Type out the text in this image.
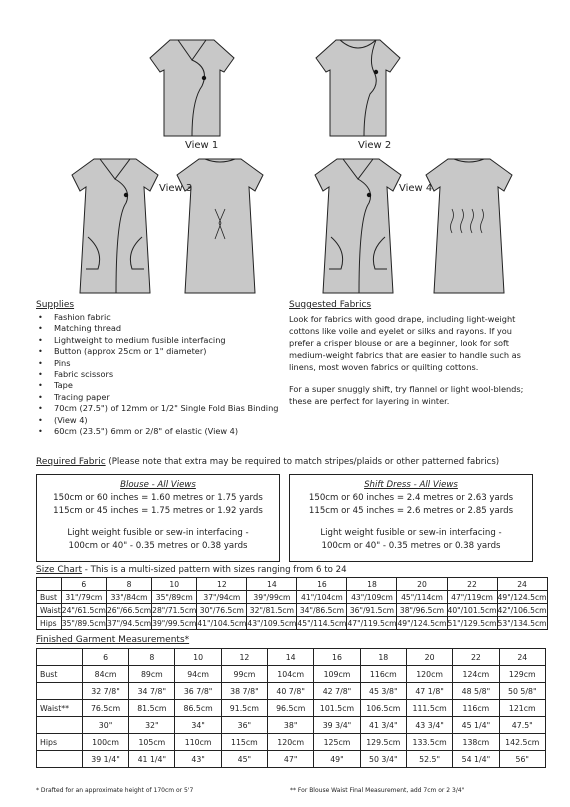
View 1	View 2
View 3	View 4
Supplies
• Fashion fabric
• Matching thread
• Lightweight to medium fusible interfacing
• Button (approx 25cm or 1" diameter)
• Pins
• Fabric scissors
• Tape
• Tracing paper
• 70cm (27.5") of 12mm or 1/2" Single Fold Bias Binding
• (View 4)
• 60cm (23.5") 6mm or 2/8" of elastic (View 4)
Suggested Fabrics

Look for fabrics with good drape, including light-weight cottons like voile and eyelet or silks and rayons. If you prefer a crisper blouse or are a beginner, look for soft medium-weight fabrics that are easier to handle such as linens, most woven fabrics or quilting cottons.

For a super snuggly shift, try flannel or light wool-blends; these are perfect for layering in winter.

Required Fabric (Please note that extra may be required to match stripes/plaids or other patterned fabrics)
Blouse - All Views
150cm or 60 inches = 1.60 metres or 1.75 yards
115cm or 45 inches = 1.75 metres or 1.92 yards
Light weight fusible or sew-in interfacing -
100cm or 40" - 0.35 metres or 0.38 yards
Shift Dress - All Views
150cm or 60 inches = 2.4 metres or 2.63 yards
115cm or 45 inches = 2.6 metres or 2.85 yards
Light weight fusible or sew-in interfacing -
100cm or 40" - 0.35 metres or 0.38 yards
Size Chart - This is a multi-sized pattern with sizes ranging from 6 to 24
	6	8	10	12	14	16	18	20	22	24
Bust	31"/79cm	33"/84cm	35"/89cm	37"/94cm	39"/99cm	41"/104cm	43"/109cm	45"/114cm	47"/119cm	49"/124.5cm
Waist	24"/61.5cm	26"/66.5cm	28"/71.5cm	30"/76.5cm	32"/81.5cm	34"/86.5cm	36"/91.5cm	38"/96.5cm	40"/101.5cm	42"/106.5cm
Hips	35"/89.5cm	37"/94.5cm	39"/99.5cm	41"/104.5cm	43"/109.5cm	45"/114.5cm	47"/119.5cm	49"/124.5cm	51"/129.5cm	53"/134.5cm
Finished Garment Measurements*
	6	8	10	12	14	16	18	20	22	24
Bust	84cm	89cm	94cm	99cm	104cm	109cm	116cm	120cm	124cm	129cm
	32 7/8"	34 7/8"	36 7/8"	38 7/8"	40 7/8"	42 7/8"	45 3/8"	47 1/8"	48 5/8"	50 5/8"
Waist**	76.5cm	81.5cm	86.5cm	91.5cm	96.5cm	101.5cm	106.5cm	111.5cm	116cm	121cm
	30"	32"	34"	36"	38"	39 3/4"	41 3/4"	43 3/4"	45 1/4"	47.5"
Hips	100cm	105cm	110cm	115cm	120cm	125cm	129.5cm	133.5cm	138cm	142.5cm
	39 1/4"	41 1/4"	43"	45"	47"	49"	50 3/4"	52.5"	54 1/4"	56"
* Drafted for an approximate height of 170cm or 5'7	** For Blouse Waist Final Measurement, add 7cm or 2 3/4"
